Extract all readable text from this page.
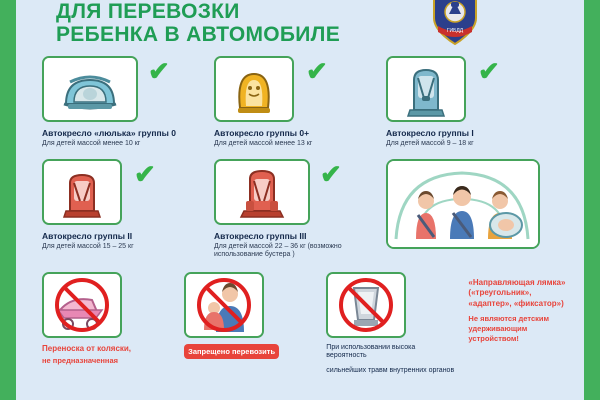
ДЛЯ ПЕРЕВОЗКИ
РЕБЕНКА В АВТОМОБИЛЕ	ГИБДД
✔
Автокресло «люлька» группы 0
Для детей массой менее 10 кг
✔
Автокресло группы 0+
Для детей массой менее 13 кг
✔
Автокресло группы I
Для детей массой 9 – 18 кг
✔
Автокресло группы II
Для детей массой 15 – 25 кг
✔
Автокресло группы III
Для детей массой 22 – 36 кг (возможно использование бустера )
Переноска от коляски,
не предназначенная
Запрещено перевозить	При использовании высока вероятность
сильнейших травм внутренних органов
«Направляющая лямка»
(«треугольник»,
«адаптер», «фиксатор»)
Не являются детским
удерживающим
устройством!
